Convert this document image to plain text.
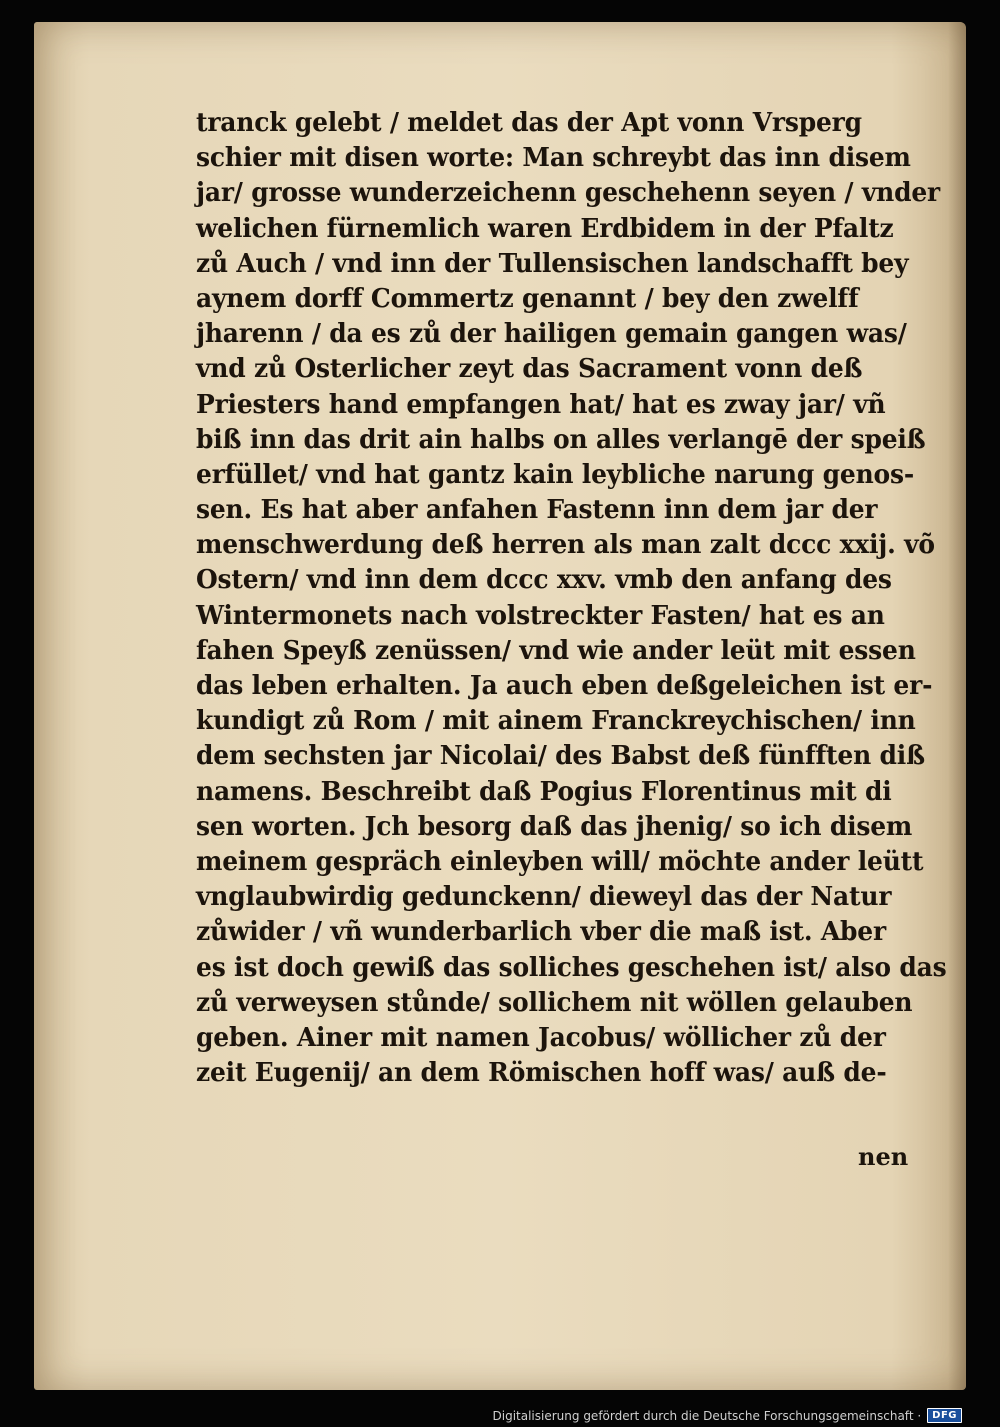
tranck gelebt / meldet das der Apt vonn Vrsperg
schier mit disen worte: Man schreybt das inn disem
jar/ grosse wunderzeichenn geschehenn seyen / vnder
welichen fürnemlich waren Erdbidem in der Pfaltz
zů Auch / vnd inn der Tullensischen landschafft bey
aynem dorff Commertz genannt / bey den zwelff
jharenn / da es zů der hailigen gemain gangen was/
vnd zů Osterlicher zeyt das Sacrament vonn deß
Priesters hand empfangen hat/ hat es zway jar/ vñ
biß inn das drit ain halbs on alles verlangē der speiß
erfüllet/ vnd hat gantz kain leybliche narung genos-
sen. Es hat aber anfahen Fastenn inn dem jar der
menschwerdung deß herren als man zalt dccc xxij. võ
Ostern/ vnd inn dem dccc xxv. vmb den anfang des
Wintermonets nach volstreckter Fasten/ hat es an
fahen Speyß zenüssen/ vnd wie ander leüt mit essen
das leben erhalten. Ja auch eben deßgeleichen ist er-
kundigt zů Rom / mit ainem Franckreychischen/ inn
dem sechsten jar Nicolai/ des Babst deß fünfften diß
namens. Beschreibt daß Pogius Florentinus mit di
sen worten. Jch besorg daß das jhenig/ so ich disem
meinem gespräch einleyben will/ möchte ander leütt
vnglaubwirdig gedunckenn/ dieweyl das der Natur
zůwider / vñ wunderbarlich vber die maß ist. Aber
es ist doch gewiß das solliches geschehen ist/ also das
zů verweysen stůnde/ sollichem nit wöllen gelauben
geben. Ainer mit namen Jacobus/ wöllicher zů der
zeit Eugenij/ an dem Römischen hoff was/ auß de-
nen
Digitalisierung gefördert durch die Deutsche Forschungsgemeinschaft ·	DFG
